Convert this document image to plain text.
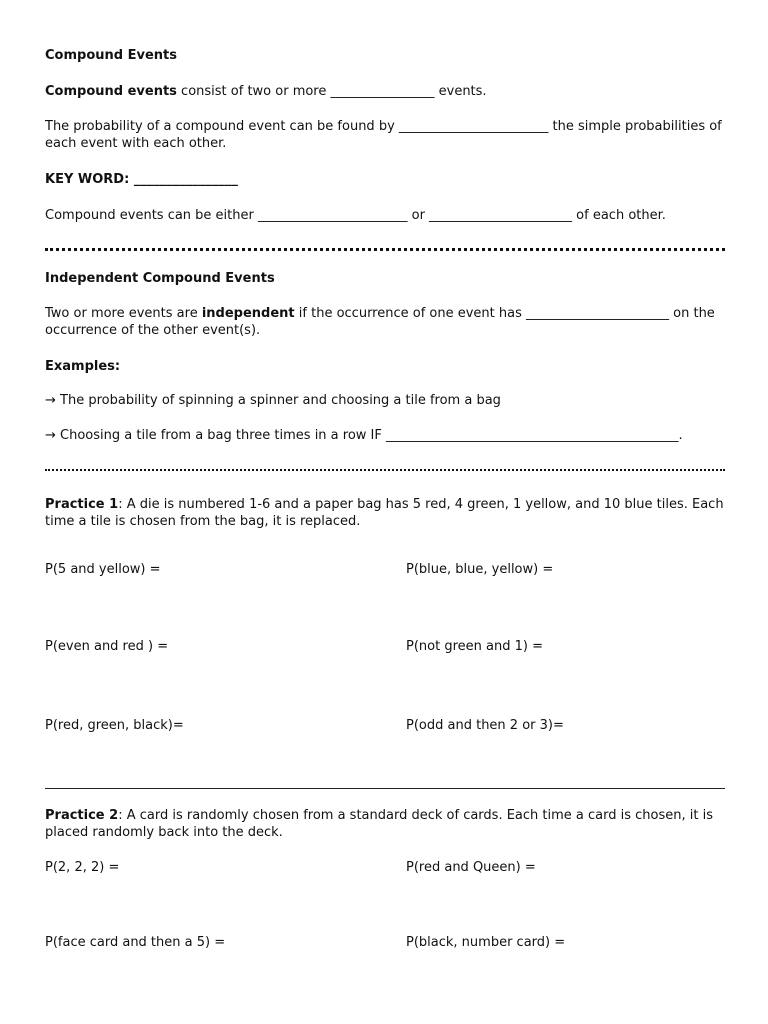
Compound Events
Compound events consist of two or more ________________ events.
The probability of a compound event can be found by _______________________ the simple probabilities of each event with each other.
KEY WORD: ________________
Compound events can be either _______________________ or ______________________ of each other.
Independent Compound Events
Two or more events are independent if the occurrence of one event has ______________________ on the occurrence of the other event(s).
Examples:
→ The probability of spinning a spinner and choosing a tile from a bag
→ Choosing a tile from a bag three times in a row IF _____________________________________________.
Practice 1: A die is numbered 1-6 and a paper bag has 5 red, 4 green, 1 yellow, and 10 blue tiles. Each time a tile is chosen from the bag, it is replaced.
P(5 and yellow) =	P(blue, blue, yellow) =
P(even and red ) =	P(not green and 1) =
P(red, green, black)=	P(odd and then 2 or 3)=
Practice 2: A card is randomly chosen from a standard deck of cards. Each time a card is chosen, it is placed randomly back into the deck.
P(2, 2, 2) =	P(red and Queen) =
P(face card and then a 5) =	P(black, number card) =
